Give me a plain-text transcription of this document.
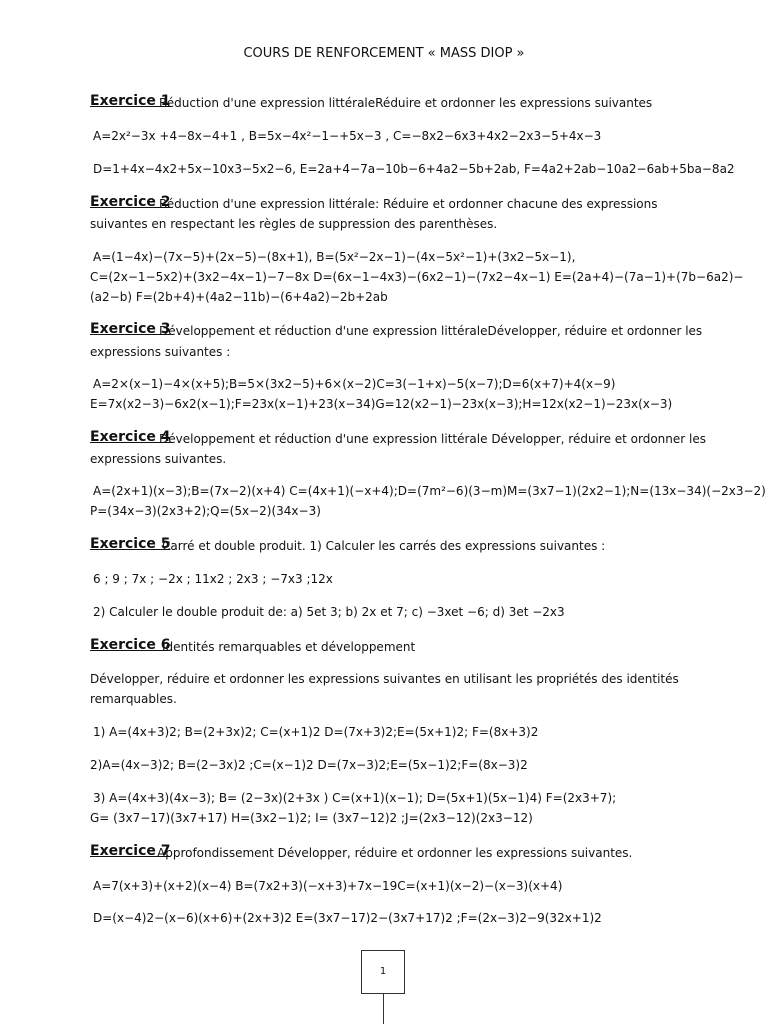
COURS DE RENFORCEMENT « MASS DIOP »

Exercice 1

Réduction d'une expression littéraleRéduire et ordonner les expressions suivantes

A=2x²−3x +4−8x−4+1 , B=5x−4x²−1−+5x−3 , C=−8x2−6x3+4x2−2x3−5+4x−3

D=1+4x−4x2+5x−10x3−5x2−6, E=2a+4−7a−10b−6+4a2−5b+2ab, F=4a2+2ab−10a2−6ab+5ba−8a2

Exercice 2

Réduction d'une expression littérale: Réduire et ordonner chacune des expressions

suivantes en respectant les règles de suppression des parenthèses.

A=(1−4x)−(7x−5)+(2x−5)−(8x+1), B=(5x²−2x−1)−(4x−5x²−1)+(3x2−5x−1),

C=(2x−1−5x2)+(3x2−4x−1)−7−8x D=(6x−1−4x3)−(6x2−1)−(7x2−4x−1) E=(2a+4)−(7a−1)+(7b−6a2)−

(a2−b) F=(2b+4)+(4a2−11b)−(6+4a2)−2b+2ab

Exercice 3

Développement et réduction d'une expression littéraleDévelopper, réduire et ordonner les

expressions suivantes :

A=2×(x−1)−4×(x+5);B=5×(3x2−5)+6×(x−2)C=3(−1+x)−5(x−7);D=6(x+7)+4(x−9)

E=7x(x2−3)−6x2(x−1);F=23x(x−1)+23(x−34)G=12(x2−1)−23x(x−3);H=12x(x2−1)−23x(x−3)

Exercice 4

Développement et réduction d'une expression littérale Développer, réduire et ordonner les

expressions suivantes.

A=(2x+1)(x−3);B=(7x−2)(x+4) C=(4x+1)(−x+4);D=(7m²−6)(3−m)M=(3x7−1)(2x2−1);N=(13x−34)(−2x3−2)

P=(34x−3)(2x3+2);Q=(5x−2)(34x−3)

Exercice 5

Carré et double produit. 1) Calculer les carrés des expressions suivantes :

6 ; 9 ; 7x ; −2x ; 11x2 ; 2x3 ; −7x3 ;12x

2) Calculer le double produit de: a) 5et 3; b) 2x et 7; c) −3xet −6; d) 3et −2x3

Exercice 6

Identités remarquables et développement

Développer, réduire et ordonner les expressions suivantes en utilisant les propriétés des identités

remarquables.

1) A=(4x+3)2; B=(2+3x)2; C=(x+1)2 D=(7x+3)2;E=(5x+1)2; F=(8x+3)2

2)A=(4x−3)2; B=(2−3x)2 ;C=(x−1)2 D=(7x−3)2;E=(5x−1)2;F=(8x−3)2

3) A=(4x+3)(4x−3); B= (2−3x)(2+3x ) C=(x+1)(x−1); D=(5x+1)(5x−1)4) F=(2x3+7);

G= (3x7−17)(3x7+17) H=(3x2−1)2; I= (3x7−12)2 ;J=(2x3−12)(2x3−12)

Exercice 7

Approfondissement Développer, réduire et ordonner les expressions suivantes.

A=7(x+3)+(x+2)(x−4) B=(7x2+3)(−x+3)+7x−19C=(x+1)(x−2)−(x−3)(x+4)

D=(x−4)2−(x−6)(x+6)+(2x+3)2 E=(3x7−17)2−(3x7+17)2 ;F=(2x−3)2−9(32x+1)2

1
